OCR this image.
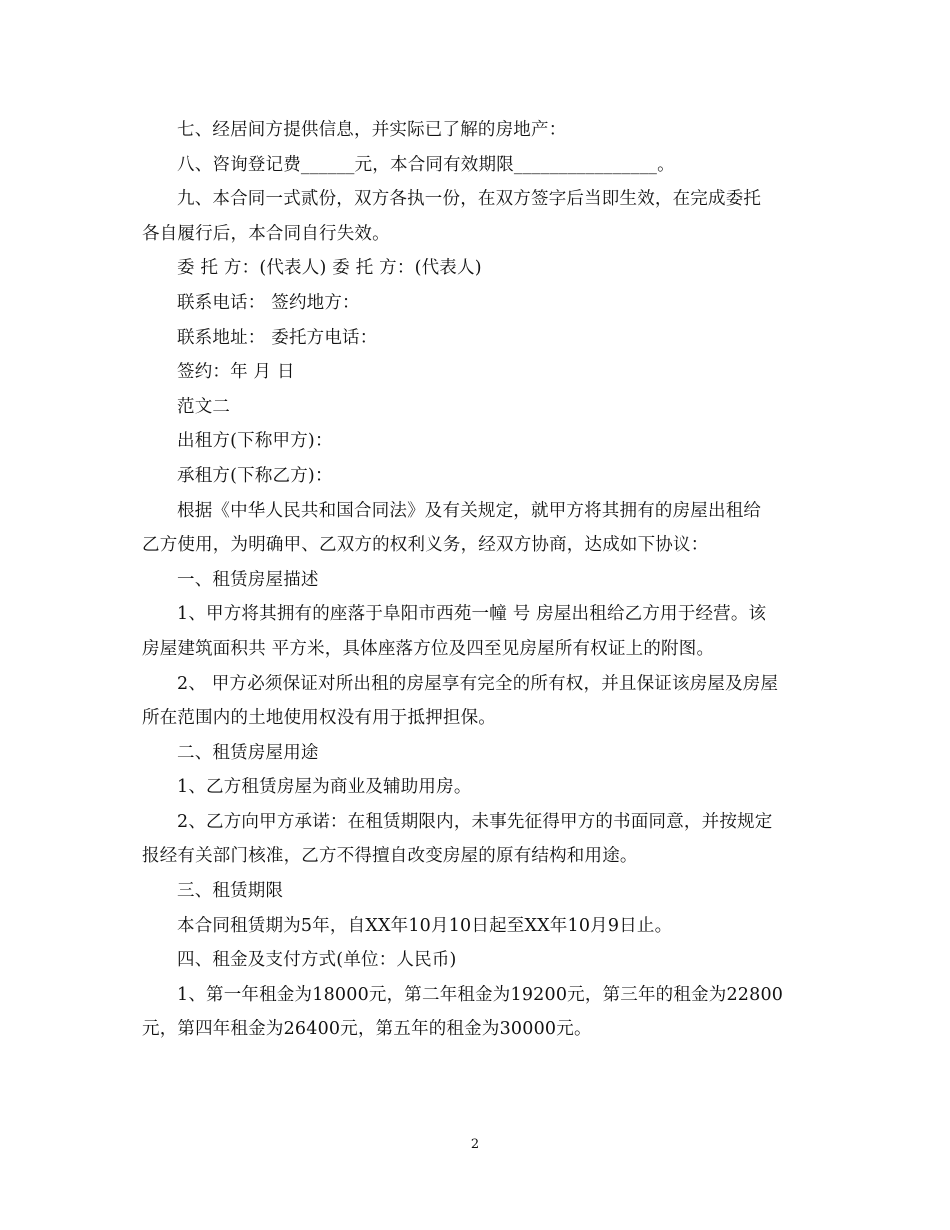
七、经居间方提供信息，并实际已了解的房地产：
八、咨询登记费______元，本合同有效期限________________。
九、本合同一式贰份，双方各执一份，在双方签字后当即生效，在完成委托
各自履行后，本合同自行失效。
委 托 方：(代表人) 委 托 方：(代表人)
联系电话： 签约地方：
联系地址： 委托方电话：
签约：年 月 日
范文二
出租方(下称甲方)：
承租方(下称乙方)：
根据《中华人民共和国合同法》及有关规定，就甲方将其拥有的房屋出租给
乙方使用，为明确甲、乙双方的权利义务，经双方协商，达成如下协议：
一、租赁房屋描述
1、甲方将其拥有的座落于阜阳市西苑一幢 号 房屋出租给乙方用于经营。该
房屋建筑面积共 平方米，具体座落方位及四至见房屋所有权证上的附图。
2、 甲方必须保证对所出租的房屋享有完全的所有权，并且保证该房屋及房屋
所在范围内的土地使用权没有用于抵押担保。
二、租赁房屋用途
1、乙方租赁房屋为商业及辅助用房。
2、乙方向甲方承诺：在租赁期限内，未事先征得甲方的书面同意，并按规定
报经有关部门核准，乙方不得擅自改变房屋的原有结构和用途。
三、租赁期限
本合同租赁期为5年，自XX年10月10日起至XX年10月9日止。
四、租金及支付方式(单位：人民币)
1、第一年租金为18000元，第二年租金为19200元，第三年的租金为22800
元，第四年租金为26400元，第五年的租金为30000元。
2
